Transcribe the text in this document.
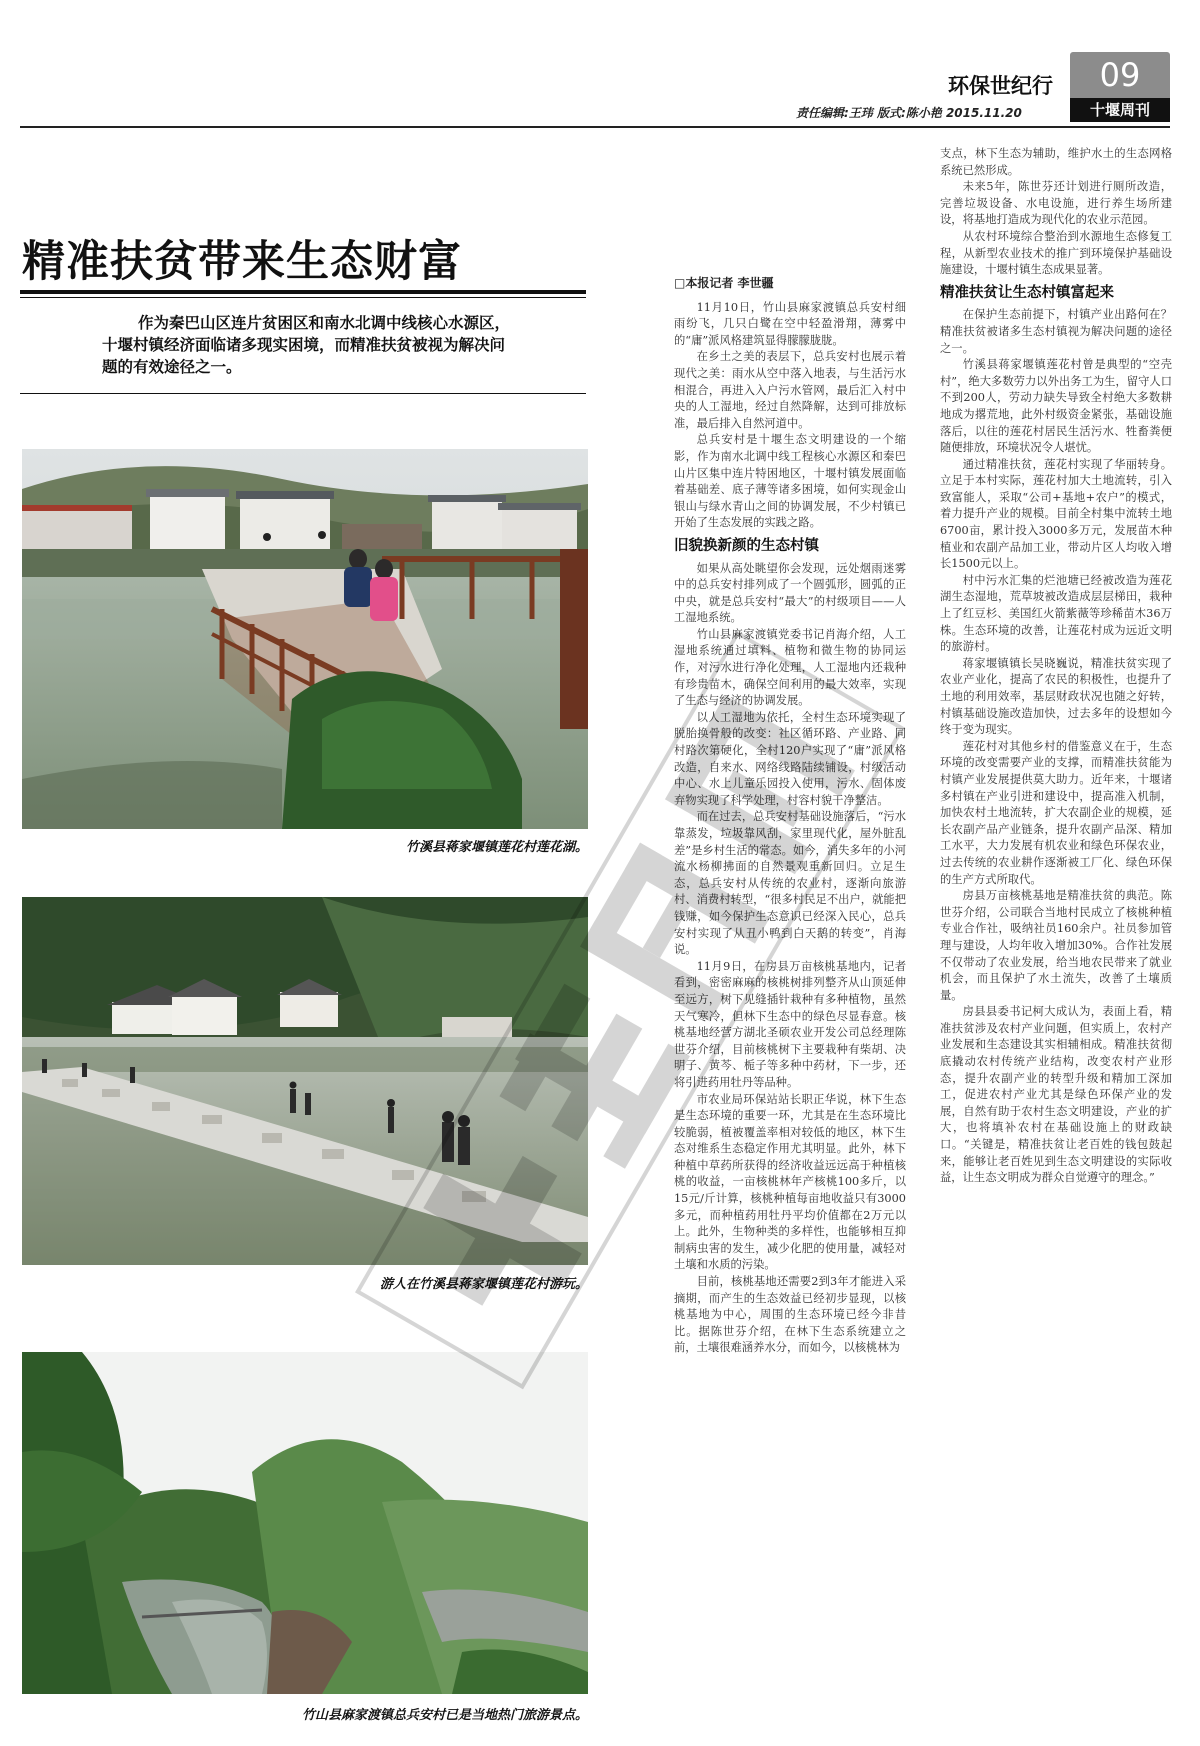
环保世纪行	09
十堰周刊
责任编辑:王玮 版式:陈小艳 2015.11.20
精准扶贫带来生态财富
作为秦巴山区连片贫困区和南水北调中线核心水源区，十堰村镇经济面临诸多现实困境，而精准扶贫被视为解决问题的有效途径之一。
竹溪县蒋家堰镇莲花村莲花湖。
游人在竹溪县蒋家堰镇莲花村游玩。
竹山县麻家渡镇总兵安村已是当地热门旅游景点。
□本报记者 李世疆

11月10日，竹山县麻家渡镇总兵安村细雨纷飞，几只白鹭在空中轻盈滑翔，薄雾中的“庸”派风格建筑显得朦朦胧胧。

在乡土之美的表层下，总兵安村也展示着现代之美：雨水从空中落入地表，与生活污水相混合，再进入入户污水管网，最后汇入村中央的人工湿地，经过自然降解，达到可排放标准，最后排入自然河道中。

总兵安村是十堰生态文明建设的一个缩影，作为南水北调中线工程核心水源区和秦巴山片区集中连片特困地区，十堰村镇发展面临着基础差、底子薄等诸多困境，如何实现金山银山与绿水青山之间的协调发展，不少村镇已开始了生态发展的实践之路。

旧貌换新颜的生态村镇

如果从高处眺望你会发现，远处烟雨迷雾中的总兵安村排列成了一个圆弧形，圆弧的正中央，就是总兵安村“最大”的村级项目——人工湿地系统。

竹山县麻家渡镇党委书记肖海介绍，人工湿地系统通过填料、植物和微生物的协同运作，对污水进行净化处理，人工湿地内还栽种有珍贵苗木，确保空间利用的最大效率，实现了生态与经济的协调发展。

以人工湿地为依托，全村生态环境实现了脱胎换骨般的改变：社区循环路、产业路、同村路次第硬化，全村120户实现了“庸”派风格改造，自来水、网络线路陆续铺设，村级活动中心、水上儿童乐园投入使用，污水、固体废弃物实现了科学处理，村容村貌干净整洁。

而在过去，总兵安村基础设施落后，“污水靠蒸发，垃圾靠风刮，家里现代化，屋外脏乱差”是乡村生活的常态。如今，消失多年的小河流水杨柳拂面的自然景观重新回归。立足生态，总兵安村从传统的农业村，逐渐向旅游村、消费村转型，“很多村民足不出户，就能把钱赚，如今保护生态意识已经深入民心，总兵安村实现了从丑小鸭到白天鹅的转变”，肖海说。

11月9日，在房县万亩核桃基地内，记者看到，密密麻麻的核桃树排列整齐从山顶延伸至远方，树下见缝插针栽种有多种植物，虽然天气寒冷，但林下生态中的绿色尽显春意。核桃基地经营方湖北圣硕农业开发公司总经理陈世芬介绍，目前核桃树下主要栽种有柴胡、决明子、黄芩、栀子等多种中药材，下一步，还将引进药用牡丹等品种。

市农业局环保站站长职正华说，林下生态是生态环境的重要一环，尤其是在生态环境比较脆弱，植被覆盖率相对较低的地区，林下生态对维系生态稳定作用尤其明显。此外，林下种植中草药所获得的经济收益远远高于种植核桃的收益，一亩核桃林年产核桃100多斤，以15元/斤计算，核桃种植每亩地收益只有3000多元，而种植药用牡丹平均价值都在2万元以上。此外，生物种类的多样性，也能够相互抑制病虫害的发生，减少化肥的使用量，减轻对土壤和水质的污染。

目前，核桃基地还需要2到3年才能进入采摘期，而产生的生态效益已经初步显现，以核桃基地为中心，周围的生态环境已经今非昔比。据陈世芬介绍，在林下生态系统建立之前，土壤很难涵养水分，而如今，以核桃林为

支点，林下生态为辅助，维护水土的生态网格系统已然形成。

未来5年，陈世芬还计划进行厕所改造，完善垃圾设备、水电设施，进行养生场所建设，将基地打造成为现代化的农业示范园。

从农村环境综合整治到水源地生态修复工程，从新型农业技术的推广到环境保护基础设施建设，十堰村镇生态成果显著。

精准扶贫让生态村镇富起来

在保护生态前提下，村镇产业出路何在？精准扶贫被诸多生态村镇视为解决问题的途径之一。

竹溪县蒋家堰镇莲花村曾是典型的“空壳村”，绝大多数劳力以外出务工为生，留守人口不到200人，劳动力缺失导致全村绝大多数耕地成为撂荒地，此外村级资金紧张，基础设施落后，以往的莲花村居民生活污水、牲畜粪便随便排放，环境状况令人堪忧。

通过精准扶贫，莲花村实现了华丽转身。立足于本村实际，莲花村加大土地流转，引入致富能人，采取“公司+基地+农户”的模式，着力提升产业的规模。目前全村集中流转土地6700亩，累计投入3000多万元，发展苗木种植业和农副产品加工业，带动片区人均收入增长1500元以上。

村中污水汇集的烂池塘已经被改造为莲花湖生态湿地，荒草坡被改造成层层梯田，栽种上了红豆杉、美国红火箭紫薇等珍稀苗木36万株。生态环境的改善，让莲花村成为远近文明的旅游村。

蒋家堰镇镇长吴晓巍说，精准扶贫实现了农业产业化，提高了农民的积极性，也提升了土地的利用效率，基层财政状况也随之好转，村镇基础设施改造加快，过去多年的设想如今终于变为现实。

莲花村对其他乡村的借鉴意义在于，生态环境的改变需要产业的支撑，而精准扶贫能为村镇产业发展提供莫大助力。近年来，十堰诸多村镇在产业引进和建设中，提高准入机制，加快农村土地流转，扩大农副企业的规模，延长农副产品产业链条，提升农副产品深、精加工水平，大力发展有机农业和绿色环保农业，过去传统的农业耕作逐渐被工厂化、绿色环保的生产方式所取代。

房县万亩核桃基地是精准扶贫的典范。陈世芬介绍，公司联合当地村民成立了核桃种植专业合作社，吸纳社员160余户。社员参加管理与建设，人均年收入增加30%。合作社发展不仅带动了农业发展，给当地农民带来了就业机会，而且保护了水土流失，改善了土壤质量。

房县县委书记柯大成认为，表面上看，精准扶贫涉及农村产业问题，但实质上，农村产业发展和生态建设其实相辅相成。精准扶贫彻底撬动农村传统产业结构，改变农村产业形态，提升农副产业的转型升级和精加工深加工，促进农村产业尤其是绿色环保产业的发展，自然有助于农村生态文明建设，产业的扩大，也将填补农村在基础设施上的财政缺口。“关键是，精准扶贫让老百姓的钱包鼓起来，能够让老百姓见到生态文明建设的实际收益，让生态文明成为群众自觉遵守的理念。”
